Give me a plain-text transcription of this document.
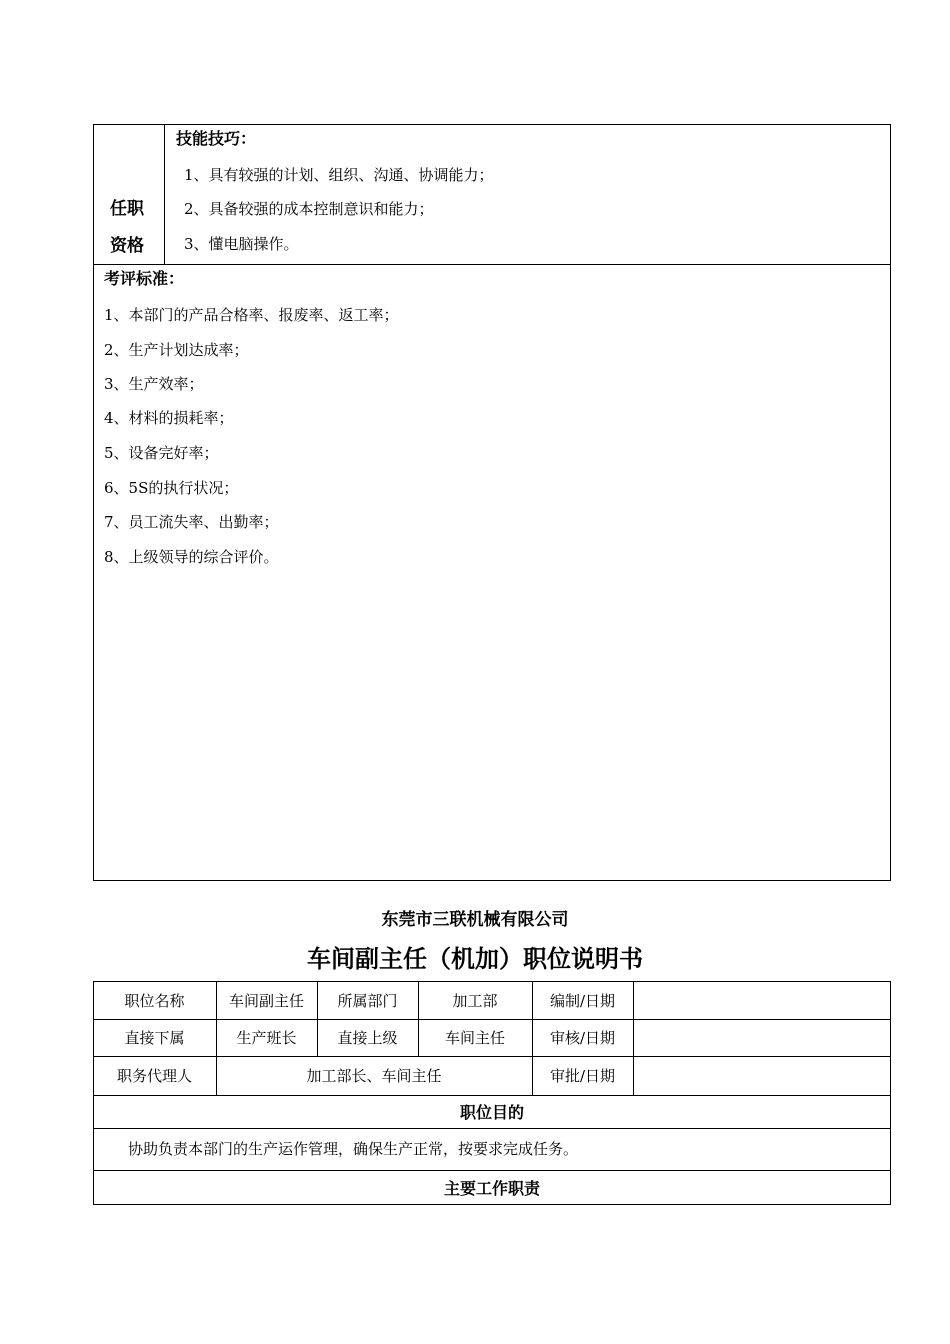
任职
资格
技能技巧：
1、具有较强的计划、组织、沟通、协调能力；
2、具备较强的成本控制意识和能力；
3、懂电脑操作。
考评标准：
1、本部门的产品合格率、报废率、返工率；
2、生产计划达成率；
3、生产效率；
4、材料的损耗率；
5、设备完好率；
6、5S的执行状况；
7、员工流失率、出勤率；
8、上级领导的综合评价。
东莞市三联机械有限公司
车间副主任（机加）职位说明书
职位名称	车间副主任	所属部门	加工部	编制/日期
直接下属	生产班长	直接上级	车间主任	审核/日期
职务代理人	加工部长、车间主任	审批/日期
职位目的
协助负责本部门的生产运作管理，确保生产正常，按要求完成任务。
主要工作职责
